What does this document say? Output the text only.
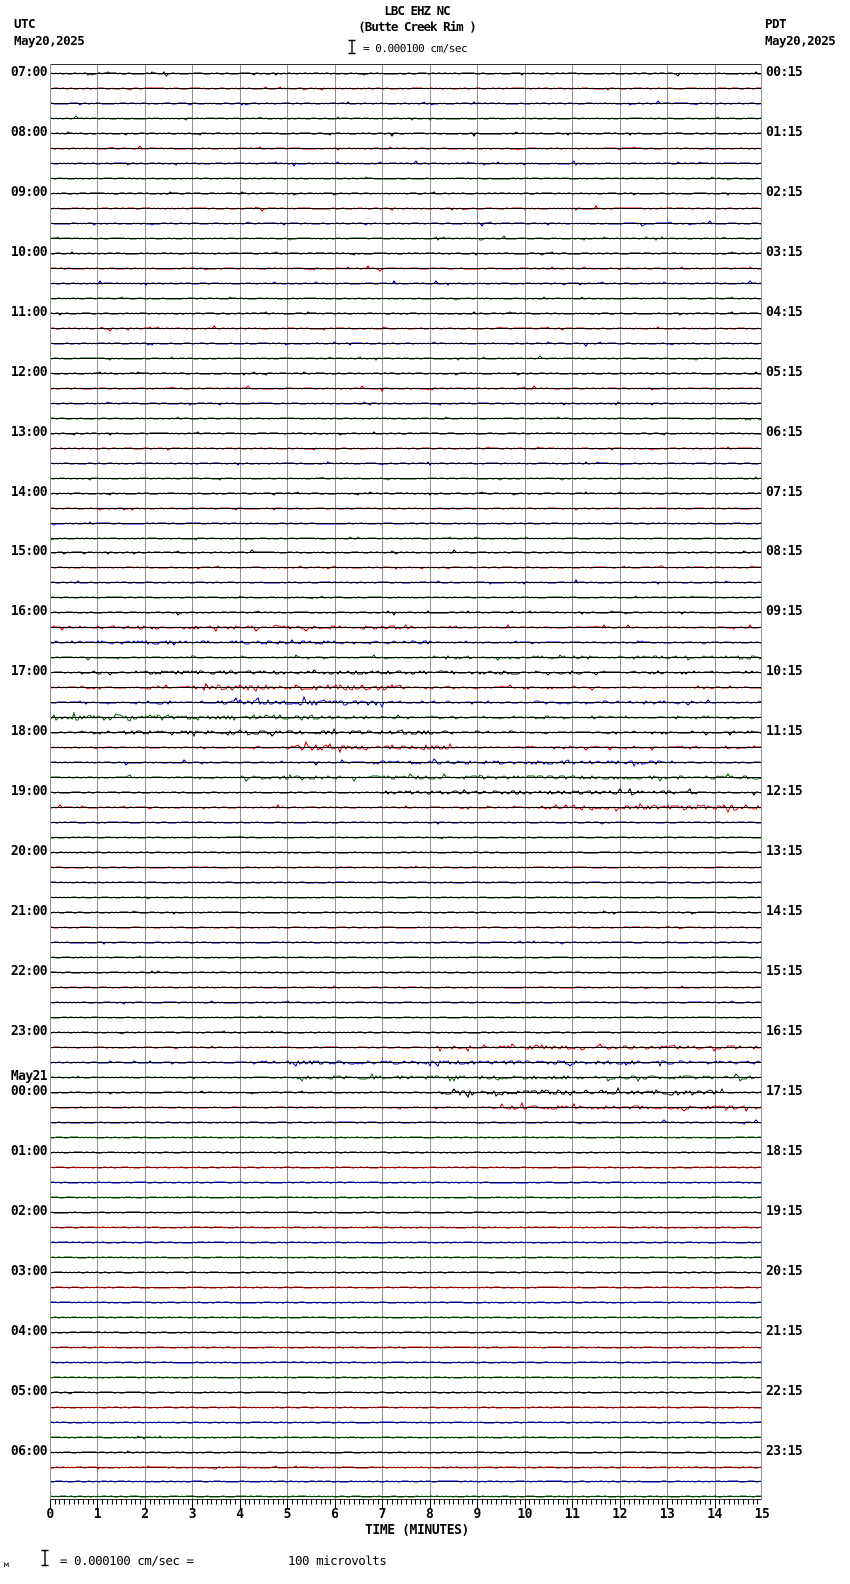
LBC EHZ NC
(Butte Creek Rim )
UTC
May20,2025
PDT
May20,2025
= 0.000100 cm/sec
07:00
08:00
09:00
10:00
11:00
12:00
13:00
14:00
15:00
16:00
17:00
18:00
19:00
20:00
21:00
22:00
23:00
May21
00:00
01:00
02:00
03:00
04:00
05:00
06:00
00:15
01:15
02:15
03:15
04:15
05:15
06:15
07:15
08:15
09:15
10:15
11:15
12:15
13:15
14:15
15:15
16:15
17:15
18:15
19:15
20:15
21:15
22:15
23:15
0	1	2	3	4	5	6	7	8	9	10	11	12	13	14	15
TIME (MINUTES)
м	= 0.000100 cm/sec =	100 microvolts
